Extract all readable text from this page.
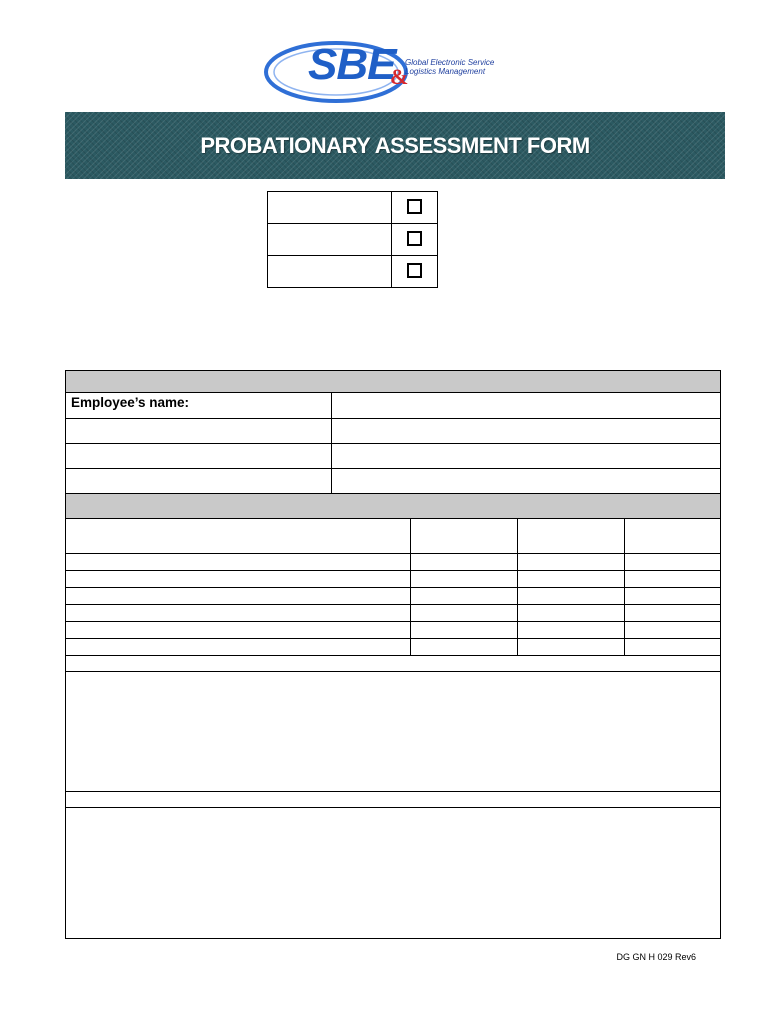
SBE
&
Global Electronic Service
Logistics Management
PROBATIONARY ASSESSMENT FORM

Employee’s name:
DG GN H 029 Rev6
